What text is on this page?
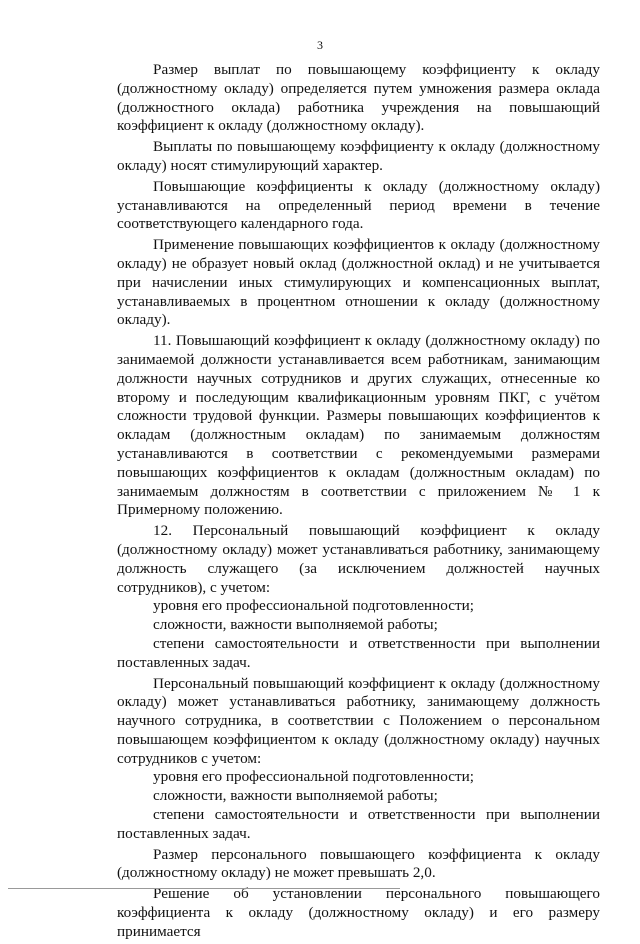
3

Размер выплат по повышающему коэффициенту к окладу (должностному окладу) определяется путем умножения размера оклада (должностного оклада) работника учреждения на повышающий коэффициент к окладу (должностному окладу).

Выплаты по повышающему коэффициенту к окладу (должностному окладу) носят стимулирующий характер.

Повышающие коэффициенты к окладу (должностному окладу) устанавливаются на определенный период времени в течение соответствующего календарного года.

Применение повышающих коэффициентов к окладу (должностному окладу) не образует новый оклад (должностной оклад) и не учитывается при начислении иных стимулирующих и компенсационных выплат, устанавливаемых в процентном отношении к окладу (должностному окладу).

11. Повышающий коэффициент к окладу (должностному окладу) по занимаемой должности устанавливается всем работникам, занимающим должности научных сотрудников и других служащих, отнесенные ко второму и последующим квалификационным уровням ПКГ, с учётом сложности трудовой функции. Размеры повышающих коэффициентов к окладам (должностным окладам) по занимаемым должностям устанавливаются в соответствии с рекомендуемыми размерами повышающих коэффициентов к окладам (должностным окладам) по занимаемым должностям в соответствии с приложением № 1 к Примерному положению.

12. Персональный повышающий коэффициент к окладу (должностному окладу) может устанавливаться работнику, занимающему должность служащего (за исключением должностей научных сотрудников), с учетом:

уровня его профессиональной подготовленности;

сложности, важности выполняемой работы;

степени самостоятельности и ответственности при выполнении поставленных задач.

Персональный повышающий коэффициент к окладу (должностному окладу) может устанавливаться работнику, занимающему должность научного сотрудника, в соответствии с Положением о персональном повышающем коэффициентом к окладу (должностному окладу) научных сотрудников с учетом:

уровня его профессиональной подготовленности;

сложности, важности выполняемой работы;

степени самостоятельности и ответственности при выполнении поставленных задач.

Размер персонального повышающего коэффициента к окладу (должностному окладу) не может превышать 2,0.

Решение об установлении персонального повышающего коэффициента к окладу (должностному окладу) и его размеру принимается
